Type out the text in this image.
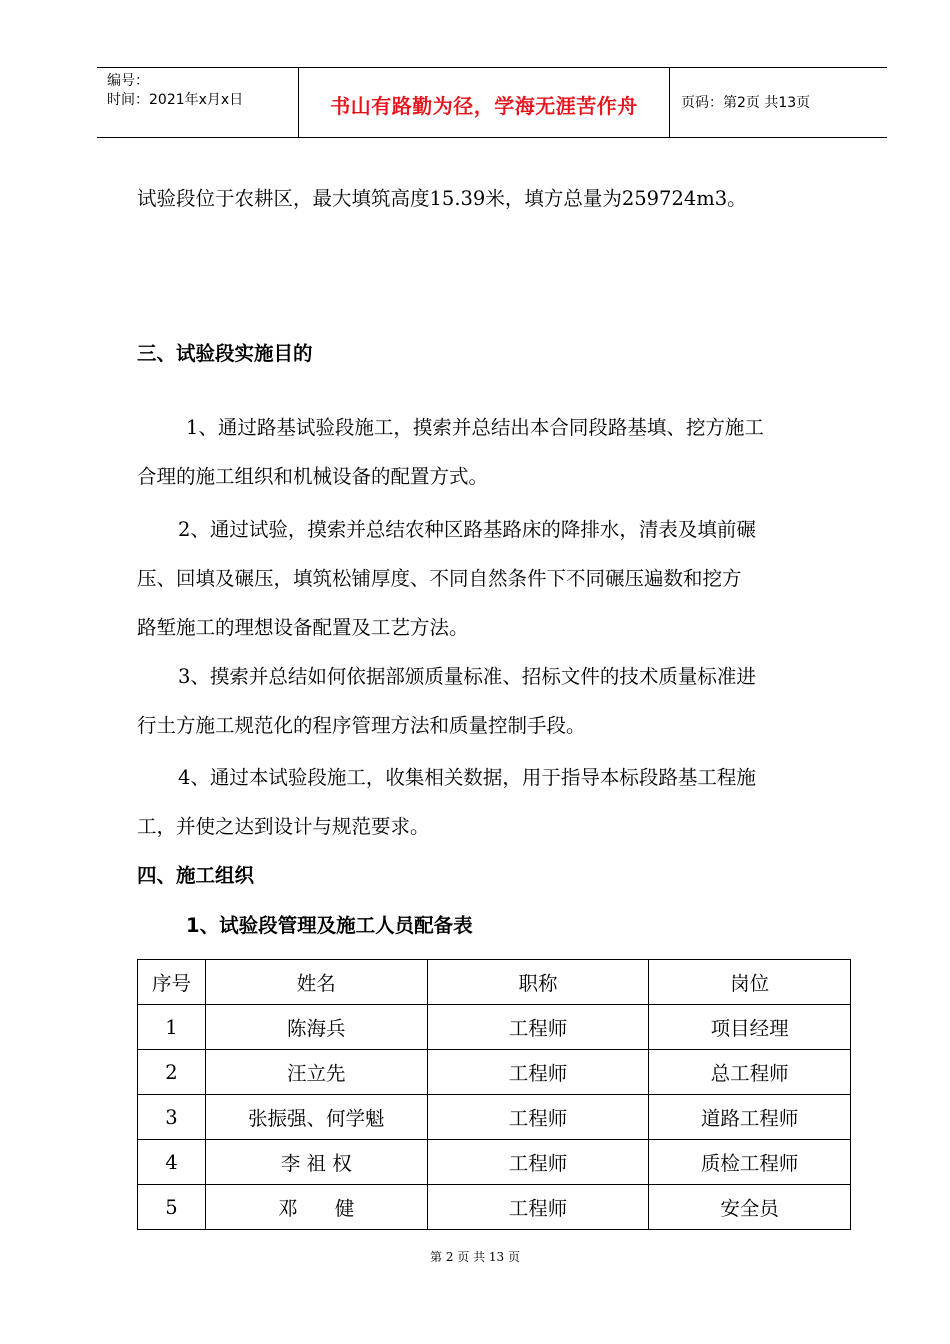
编号：
时间：2021年x月x日	书山有路勤为径，学海无涯苦作舟	页码：第2页 共13页
试验段位于农耕区，最大填筑高度15.39米，填方总量为259724m3。
三、试验段实施目的
1、通过路基试验段施工，摸索并总结出本合同段路基填、挖方施工
合理的施工组织和机械设备的配置方式。
2、通过试验，摸索并总结农种区路基路床的降排水，清表及填前碾
压、回填及碾压，填筑松铺厚度、不同自然条件下不同碾压遍数和挖方
路堑施工的理想设备配置及工艺方法。
3、摸索并总结如何依据部颁质量标准、招标文件的技术质量标准进
行土方施工规范化的程序管理方法和质量控制手段。
4、通过本试验段施工，收集相关数据，用于指导本标段路基工程施
工，并使之达到设计与规范要求。
四、施工组织
1、试验段管理及施工人员配备表
序号	姓名	职称	岗位
1	陈海兵	工程师	项目经理
2	汪立先	工程师	总工程师
3	张振强、何学魁	工程师	道路工程师
4	李 祖 权	工程师	质检工程师
5	邓      健	工程师	安全员
第 2 页 共 13 页
